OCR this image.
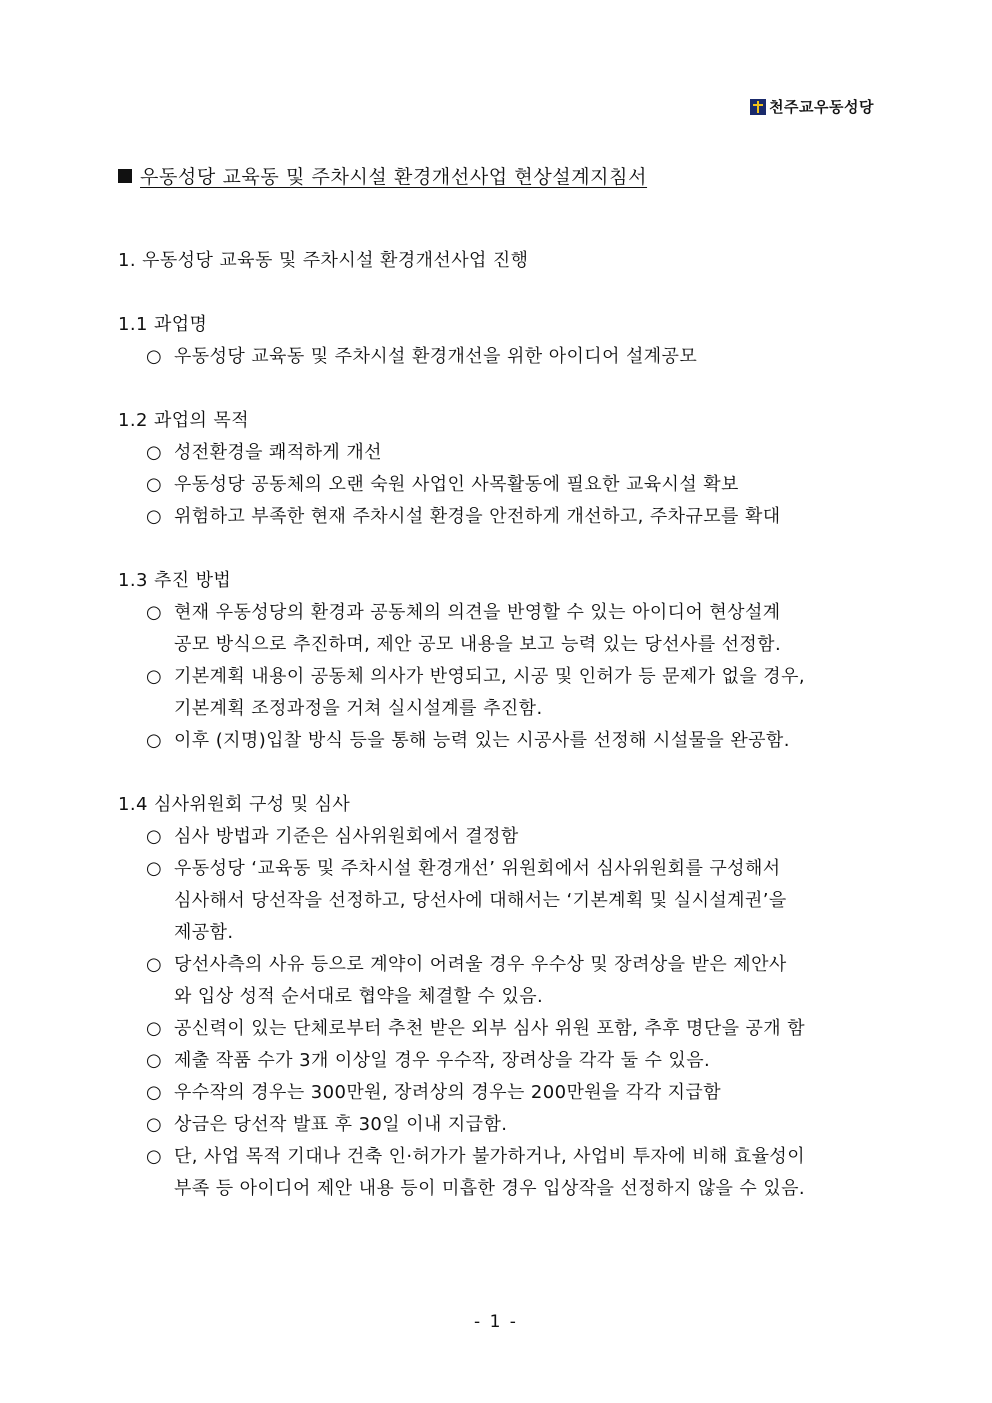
천주교우동성당
우동성당 교육동 및 주차시설 환경개선사업 현상설계지침서
1. 우동성당 교육동 및 주차시설 환경개선사업 진행
1.1 과업명
○ 우동성당 교육동 및 주차시설 환경개선을 위한 아이디어 설계공모
1.2 과업의 목적
○ 성전환경을 쾌적하게 개선
○ 우동성당 공동체의 오랜 숙원 사업인 사목활동에 필요한 교육시설 확보
○ 위험하고 부족한 현재 주차시설 환경을 안전하게 개선하고, 주차규모를 확대
1.3 추진 방법
○ 현재 우동성당의 환경과 공동체의 의견을 반영할 수 있는 아이디어 현상설계
공모 방식으로 추진하며, 제안 공모 내용을 보고 능력 있는 당선사를 선정함.
○ 기본계획 내용이 공동체 의사가 반영되고, 시공 및 인허가 등 문제가 없을 경우,
기본계획 조정과정을 거쳐 실시설계를 추진함.
○ 이후 (지명)입찰 방식 등을 통해 능력 있는 시공사를 선정해 시설물을 완공함.
1.4 심사위원회 구성 및 심사
○ 심사 방법과 기준은 심사위원회에서 결정함
○ 우동성당 ‘교육동 및 주차시설 환경개선’ 위원회에서 심사위원회를 구성해서
심사해서 당선작을 선정하고, 당선사에 대해서는 ‘기본계획 및 실시설계권’을
제공함.
○ 당선사측의 사유 등으로 계약이 어려울 경우 우수상 및 장려상을 받은 제안사
와 입상 성적 순서대로 협약을 체결할 수 있음.
○ 공신력이 있는 단체로부터 추천 받은 외부 심사 위원 포함, 추후 명단을 공개 함
○ 제출 작품 수가 3개 이상일 경우 우수작, 장려상을 각각 둘 수 있음.
○ 우수작의 경우는 300만원, 장려상의 경우는 200만원을 각각 지급함
○ 상금은 당선작 발표 후 30일 이내 지급함.
○ 단, 사업 목적 기대나 건축 인·허가가 불가하거나, 사업비 투자에 비해 효율성이
부족 등 아이디어 제안 내용 등이 미흡한 경우 입상작을 선정하지 않을 수 있음.
- 1 -
